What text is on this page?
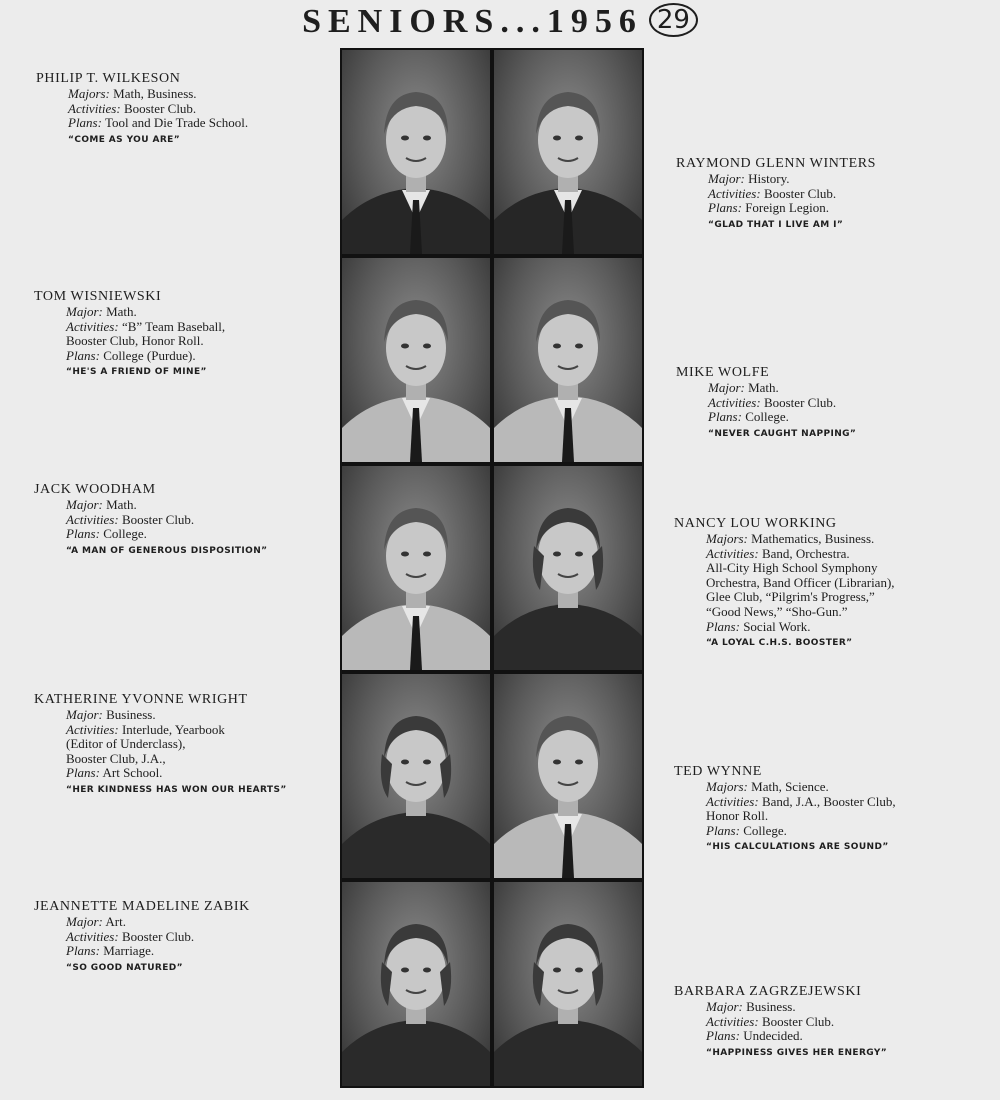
SENIORS...1956 29
PHILIP T. WILKESON
Majors: Math, Business.
Activities: Booster Club.
Plans: Tool and Die Trade School.
“COME AS YOU ARE”
RAYMOND GLENN WINTERS
Major: History.
Activities: Booster Club.
Plans: Foreign Legion.
“GLAD THAT I LIVE AM I”
TOM WISNIEWSKI
Major: Math.
Activities: “B” Team Baseball,
Booster Club, Honor Roll.
Plans: College (Purdue).
“HE'S A FRIEND OF MINE”	MIKE WOLFE
Major: Math.
Activities: Booster Club.
Plans: College.
“NEVER CAUGHT NAPPING”
JACK WOODHAM
Major: Math.
Activities: Booster Club.
Plans: College.
“A MAN OF GENEROUS DISPOSITION”
NANCY LOU WORKING
Majors: Mathematics, Business.
Activities: Band, Orchestra.
All-City High School Symphony
Orchestra, Band Officer (Librarian),
Glee Club, “Pilgrim's Progress,”
“Good News,” “Sho-Gun.”
Plans: Social Work.
“A LOYAL C.H.S. BOOSTER”
KATHERINE YVONNE WRIGHT
Major: Business.
Activities: Interlude, Yearbook
(Editor of Underclass),
Booster Club, J.A.,
Plans: Art School.
“HER KINDNESS HAS WON OUR HEARTS”
TED WYNNE
Majors: Math, Science.
Activities: Band, J.A., Booster Club,
Honor Roll.
Plans: College.
“HIS CALCULATIONS ARE SOUND”
JEANNETTE MADELINE ZABIK
Major: Art.
Activities: Booster Club.
Plans: Marriage.
“SO GOOD NATURED”
BARBARA ZAGRZEJEWSKI
Major: Business.
Activities: Booster Club.
Plans: Undecided.
“HAPPINESS GIVES HER ENERGY”
